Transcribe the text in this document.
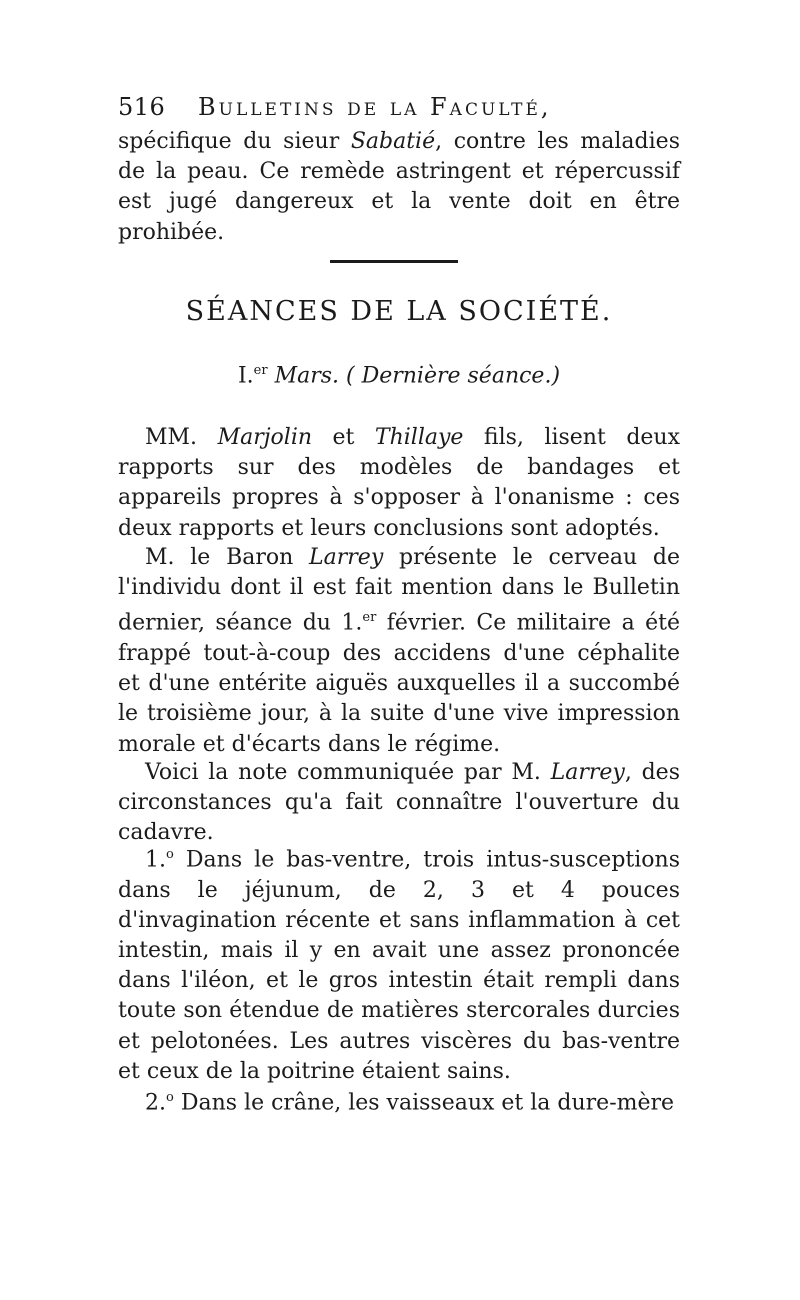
516 Bulletins de la Faculté,
spécifique du sieur Sabatié, contre les maladies de la peau. Ce remède astringent et répercussif est jugé dangereux et la vente doit en être prohibée.
SÉANCES DE LA SOCIÉTÉ.
I.$^{er}$ Mars. ( Dernière séance.)
MM. Marjolin et Thillaye fils, lisent deux rapports sur des modèles de bandages et appareils propres à s'opposer à l'onanisme : ces deux rapports et leurs conclusions sont adoptés.
M. le Baron Larrey présente le cerveau de l'individu dont il est fait mention dans le Bulletin dernier, séance du 1.$^{er}$ février. Ce militaire a été frappé tout-à-coup des accidens d'une céphalite et d'une entérite aiguës auxquelles il a succombé le troisième jour, à la suite d'une vive impression morale et d'écarts dans le régime.
Voici la note communiquée par M. Larrey, des circonstances qu'a fait connaître l'ouverture du cadavre.
1.$^o$ Dans le bas-ventre, trois intus-susceptions dans le jéjunum, de 2, 3 et 4 pouces d'invagination récente et sans inflammation à cet intestin, mais il y en avait une assez prononcée dans l'iléon, et le gros intestin était rempli dans toute son étendue de matières stercorales durcies et pelotonées. Les autres viscères du bas-ventre et ceux de la poitrine étaient sains.
2.$^o$ Dans le crâne, les vaisseaux et la dure-mère
